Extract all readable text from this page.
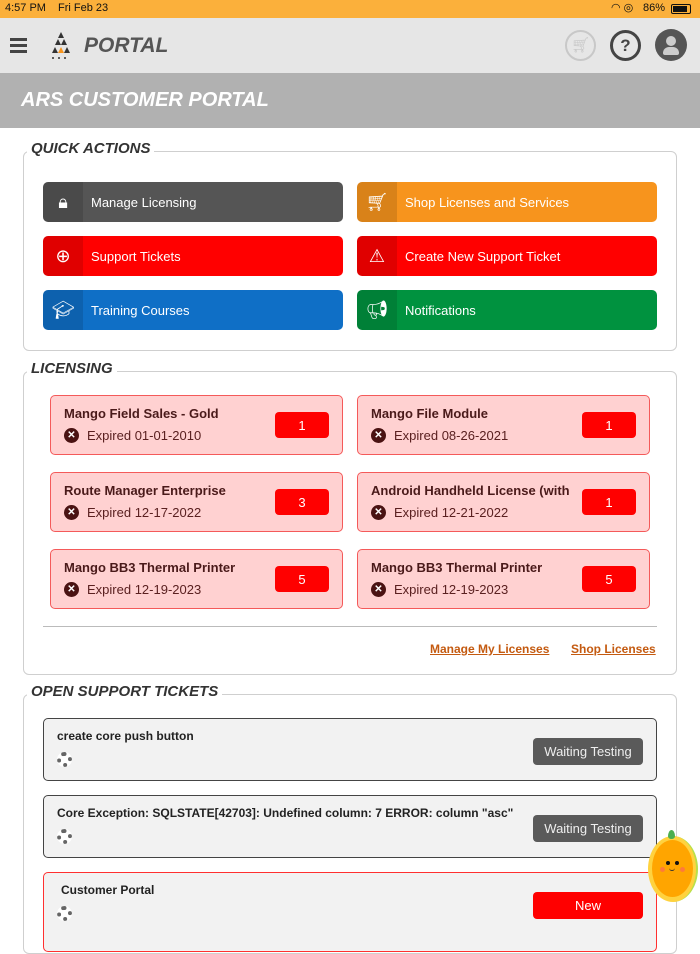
4:57 PM Fri Feb 23	◠ ◎ 86%
PORTAL	🛒︎	?
ARS CUSTOMER PORTAL
QUICK ACTIONS
🔒︎	Manage Licensing	🛒︎	Shop Licenses and Services
⊕	Support Tickets	⚠︎	Create New Support Ticket
🎓︎	Training Courses	📢︎	Notifications
LICENSING
Mango Field Sales - Gold
✕ Expired 01-01-2010
1
Mango File Module
✕ Expired 08-26-2021
1
Route Manager Enterprise
✕ Expired 12-17-2022
3
Android Handheld License (with
✕ Expired 12-21-2022
1
Mango BB3 Thermal Printer
✕ Expired 12-19-2023
5
Mango BB3 Thermal Printer
✕ Expired 12-19-2023
5
Manage My Licenses Shop Licenses
OPEN SUPPORT TICKETS
create core push button
Waiting Testing
Core Exception: SQLSTATE[42703]: Undefined column: 7 ERROR: column "asc"
Waiting Testing
Customer Portal
New
